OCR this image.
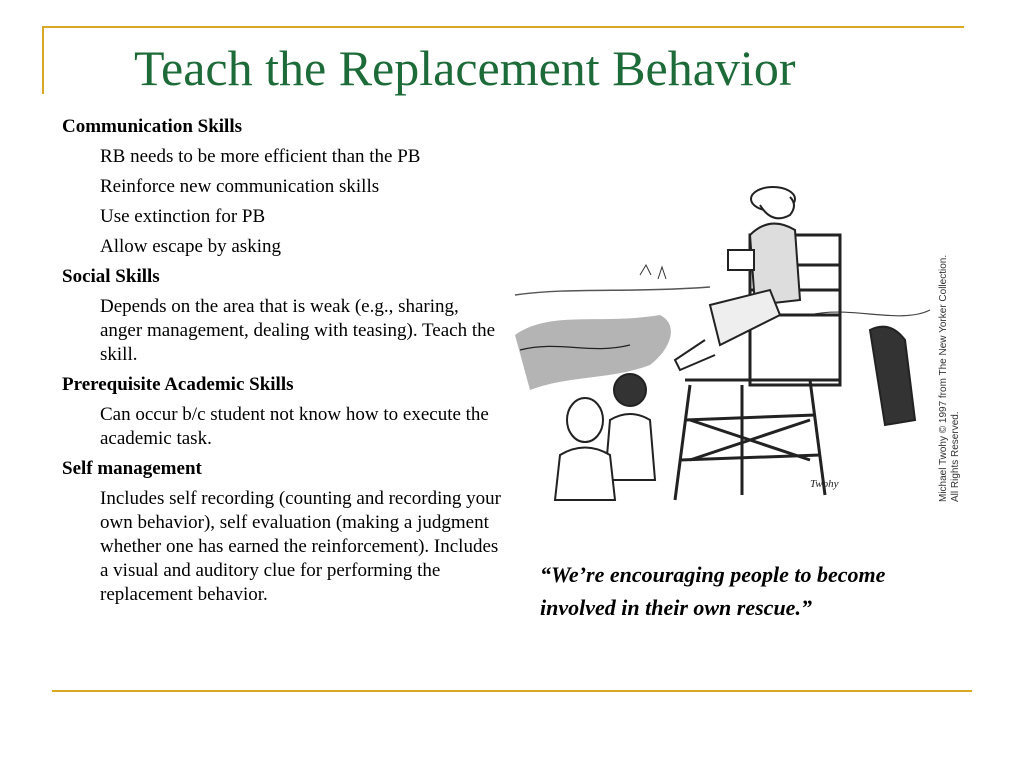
Teach the Replacement Behavior
Communication Skills
RB needs to be more efficient than the PB
Reinforce new communication skills
Use extinction for PB
Allow escape by asking
Social Skills
Depends on the area that is weak (e.g., sharing, anger management, dealing with teasing). Teach the skill.
Prerequisite Academic Skills
Can occur b/c student not know how to execute the academic task.
Self management
Includes self recording (counting and recording your own behavior), self evaluation (making a judgment whether one has earned the reinforcement). Includes a visual and auditory clue for performing the replacement behavior.
Twohy	Michael Twohy © 1997 from The New Yorker Collection. All Rights Reserved.
“We’re encouraging people to become involved in their own rescue.”
